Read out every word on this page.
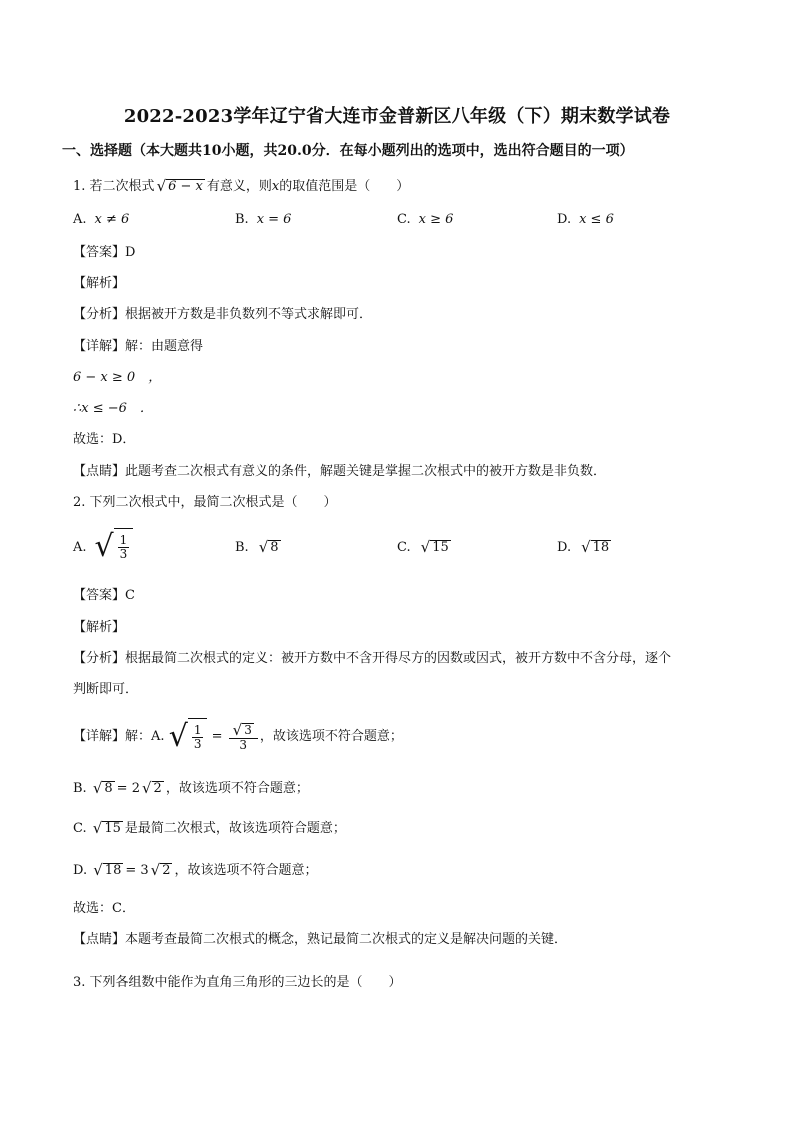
2022-2023学年辽宁省大连市金普新区八年级（下）期末数学试卷
一、选择题（本大题共10小题，共20.0分．在每小题列出的选项中，选出符合题目的一项）
1.
若二次根式 √ 6 − x 有意义，则 x 的取值范围是（　　）
A. x ≠ 6	B. x = 6	C. x ≥ 6	D. x ≤ 6
【答案】 D
【解析】
【分析】 根据被开方数是非负数列不等式求解即可．
【详解】 解：由题意得
6 − x ≥ 0　，
∴x ≤ −6　．
故选：D．
【点睛】 此题考查二次根式有意义的条件，解题关键是掌握二次根式中的被开方数是非负数．
2.
下列二次根式中，最简二次根式是（　　）
A. √ $\frac{1}{3}$	B. √ 8	C. √ 15	D. √ 18
【答案】 C
【解析】
【分析】 根据最简二次根式的定义：被开方数中不含开得尽方的因数或因式，被开方数中不含分母，逐个
判断即可．
【详解】 解：A.
√ $\frac{1}{3} = \frac{√ 3}{3}$ ，故该选项不符合题意；
B.
√ 8 = 2 √ 2 ，故该选项不符合题意；
C.
√ 15 是最简二次根式，故该选项符合题意；
D.
√ 18 = 3 √ 2 ，故该选项不符合题意；
故选：C．
【点睛】 本题考查最简二次根式的概念，熟记最简二次根式的定义是解决问题的关键．
3.
下列各组数中能作为直角三角形的三边长的是（　　）
